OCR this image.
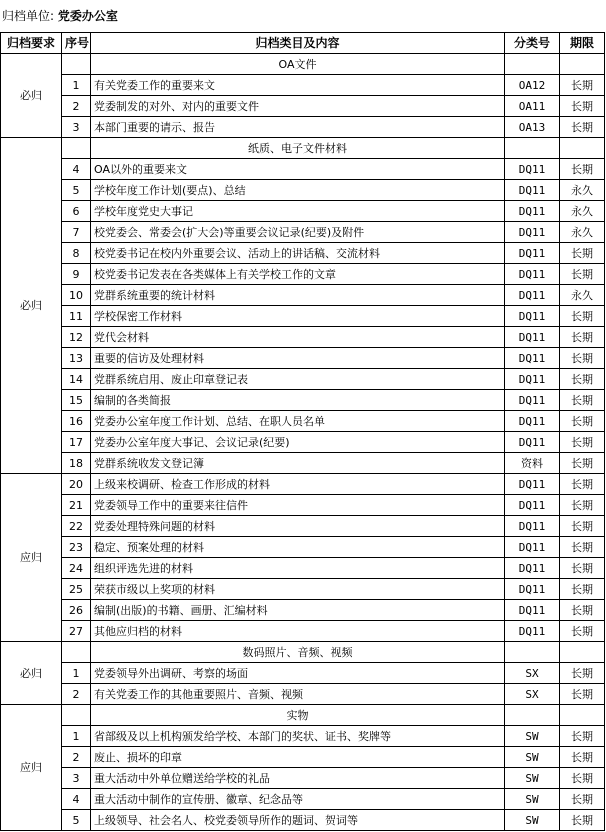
归档单位: 党委办公室
归档要求	序号	归档类目及内容	分类号	期限
必归		OA文件		
	1	有关党委工作的重要来文	OA12	长期
	2	党委制发的对外、对内的重要文件	OA11	长期
	3	本部门重要的请示、报告	OA13	长期
必归		纸质、电子文件材料		
	4	OA以外的重要来文	DQ11	长期
	5	学校年度工作计划(要点)、总结	DQ11	永久
	6	学校年度党史大事记	DQ11	永久
	7	校党委会、常委会(扩大会)等重要会议记录(纪要)及附件	DQ11	永久
	8	校党委书记在校内外重要会议、活动上的讲话稿、交流材料	DQ11	长期
	9	校党委书记发表在各类媒体上有关学校工作的文章	DQ11	长期
	10	党群系统重要的统计材料	DQ11	永久
	11	学校保密工作材料	DQ11	长期
	12	党代会材料	DQ11	长期
	13	重要的信访及处理材料	DQ11	长期
	14	党群系统启用、废止印章登记表	DQ11	长期
	15	编制的各类简报	DQ11	长期
	16	党委办公室年度工作计划、总结、在职人员名单	DQ11	长期
	17	党委办公室年度大事记、会议记录(纪要)	DQ11	长期
	18	党群系统收发文登记簿	资料	长期
应归	20	上级来校调研、检查工作形成的材料	DQ11	长期
	21	党委领导工作中的重要来往信件	DQ11	长期
	22	党委处理特殊问题的材料	DQ11	长期
	23	稳定、预案处理的材料	DQ11	长期
	24	组织评选先进的材料	DQ11	长期
	25	荣获市级以上奖项的材料	DQ11	长期
	26	编制(出版)的书籍、画册、汇编材料	DQ11	长期
	27	其他应归档的材料	DQ11	长期
必归		数码照片、音频、视频		
	1	党委领导外出调研、考察的场面	SX	长期
	2	有关党委工作的其他重要照片、音频、视频	SX	长期
应归		实物		
	1	省部级及以上机构颁发给学校、本部门的奖状、证书、奖牌等	SW	长期
	2	废止、损坏的印章	SW	长期
	3	重大活动中外单位赠送给学校的礼品	SW	长期
	4	重大活动中制作的宣传册、徽章、纪念品等	SW	长期
	5	上级领导、社会名人、校党委领导所作的题词、贺词等	SW	长期
